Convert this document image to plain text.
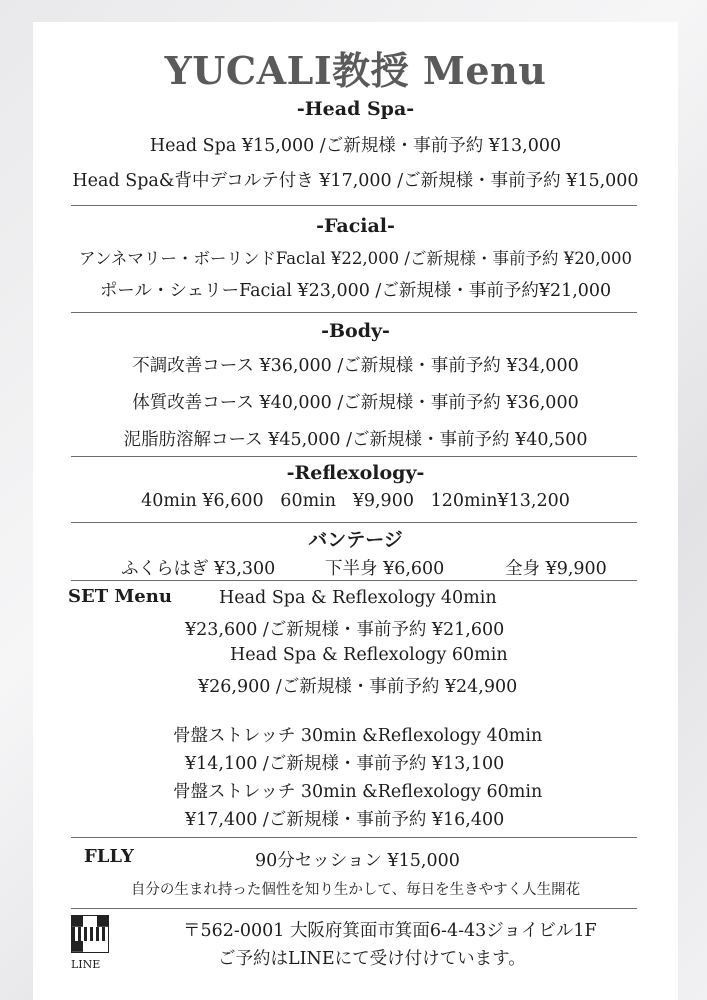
YUCALI教授 Menu
-Head Spa-
Head Spa ¥15,000 /ご新規様・事前予約 ¥13,000
Head Spa&背中デコルテ付き ¥17,000 /ご新規様・事前予約 ¥15,000
-Facial-
アンネマリー・ボーリンドFaclal ¥22,000 /ご新規様・事前予約 ¥20,000
ポール・シェリーFacial ¥23,000 /ご新規様・事前予約¥21,000
-Body-
不調改善コース ¥36,000 /ご新規様・事前予約 ¥34,000
体質改善コース ¥40,000 /ご新規様・事前予約 ¥36,000
泥脂肪溶解コース ¥45,000 /ご新規様・事前予約 ¥40,500
-Reflexology-
40min ¥6,600   60min   ¥9,900   120min¥13,200
バンテージ
ふくらはぎ ¥3,300	下半身 ¥6,600	全身 ¥9,900
SET Menu	Head Spa & Reflexology 40min
¥23,600 /ご新規様・事前予約 ¥21,600
Head Spa & Reflexology 60min
¥26,900 /ご新規様・事前予約 ¥24,900
骨盤ストレッチ 30min &Reflexology 40min
¥14,100 /ご新規様・事前予約 ¥13,100
骨盤ストレッチ 30min &Reflexology 60min
¥17,400 /ご新規様・事前予約 ¥16,400
FLLY	90分セッション ¥15,000
自分の生まれ持った個性を知り生かして、毎日を生きやすく人生開花
LINE
〒562-0001 大阪府箕面市箕面6-4-43ジョイビル1F
ご予約はLINEにて受け付けています。
